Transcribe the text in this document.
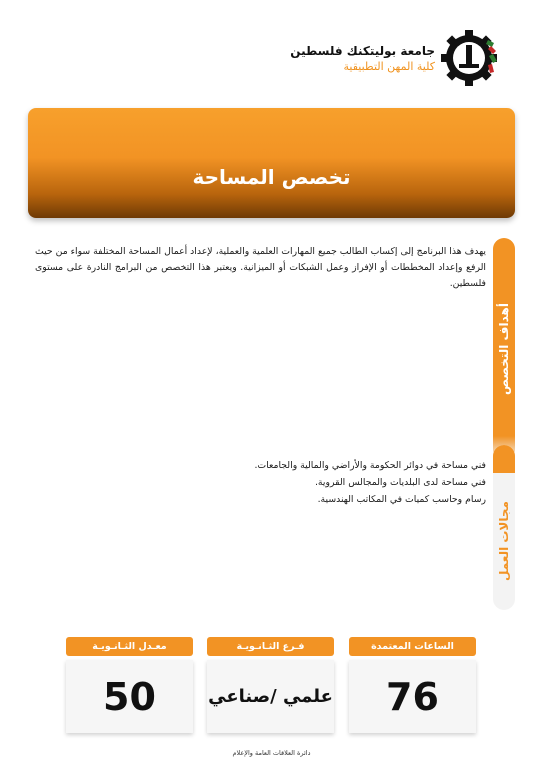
جامعة بوليتكنك فلسطين
كلية المهن التطبيقية
تخصص المساحة
أهداف التخصص

يهدف هذا البرنامج إلى إكساب الطالب جميع المهارات العلمية والعملية، لإعداد أعمال المساحة المختلفة سواء من حيث الرفع وإعداد المخططات أو الإفراز وعمل الشبكات أو الميزانية. ويعتبر هذا التخصص من البرامج النادرة على مستوى فلسطين.

مجالات العمل
فني مساحة في دوائر الحكومة والأراضي والمالية والجامعات.
فني مساحة لدى البلديات والمجالس القروية.
رسام وحاسب كميات في المكاتب الهندسية.
الساعات المعتمدة
76
فـرع الثـانـويـة
علمي /صناعي
معـدل الثـانـويـة
50
دائرة العلاقات العامة والإعلام
